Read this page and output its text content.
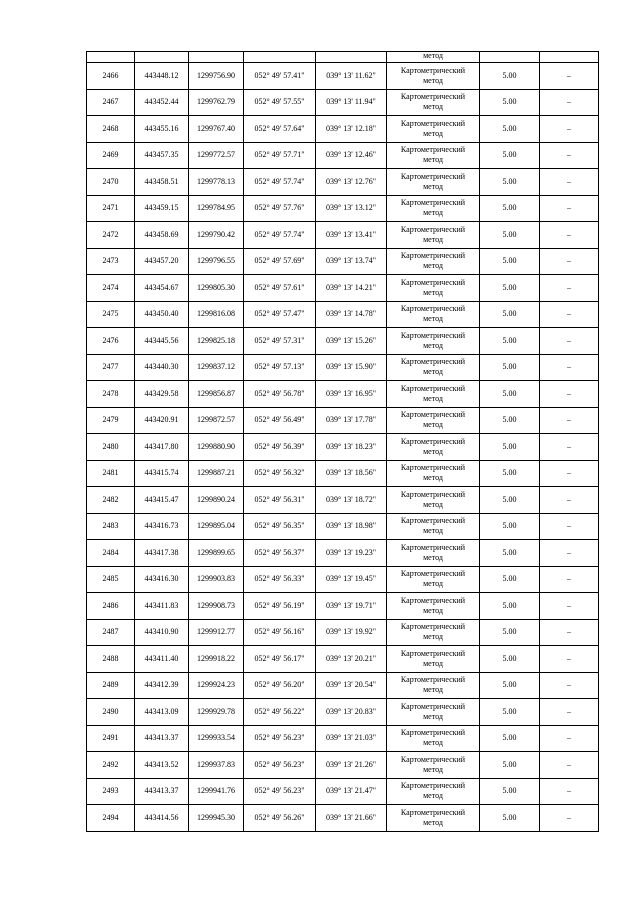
					метод		
2466	443448.12	1299756.90	052° 49' 57.41"	039° 13' 11.62"	Картометрический
метод	5.00	–
2467	443452.44	1299762.79	052° 49' 57.55"	039° 13' 11.94"	Картометрический
метод	5.00	–
2468	443455.16	1299767.40	052° 49' 57.64"	039° 13' 12.18"	Картометрический
метод	5.00	–
2469	443457.35	1299772.57	052° 49' 57.71"	039° 13' 12.46"	Картометрический
метод	5.00	–
2470	443458.51	1299778.13	052° 49' 57.74"	039° 13' 12.76"	Картометрический
метод	5.00	–
2471	443459.15	1299784.95	052° 49' 57.76"	039° 13' 13.12"	Картометрический
метод	5.00	–
2472	443458.69	1299790.42	052° 49' 57.74"	039° 13' 13.41"	Картометрический
метод	5.00	–
2473	443457.20	1299796.55	052° 49' 57.69"	039° 13' 13.74"	Картометрический
метод	5.00	–
2474	443454.67	1299805.30	052° 49' 57.61"	039° 13' 14.21"	Картометрический
метод	5.00	–
2475	443450.40	1299816.08	052° 49' 57.47"	039° 13' 14.78"	Картометрический
метод	5.00	–
2476	443445.56	1299825.18	052° 49' 57.31"	039° 13' 15.26"	Картометрический
метод	5.00	–
2477	443440.30	1299837.12	052° 49' 57.13"	039° 13' 15.90"	Картометрический
метод	5.00	–
2478	443429.58	1299856.87	052° 49' 56.78"	039° 13' 16.95"	Картометрический
метод	5.00	–
2479	443420.91	1299872.57	052° 49' 56.49"	039° 13' 17.78"	Картометрический
метод	5.00	–
2480	443417.80	1299880.90	052° 49' 56.39"	039° 13' 18.23"	Картометрический
метод	5.00	–
2481	443415.74	1299887.21	052° 49' 56.32"	039° 13' 18.56"	Картометрический
метод	5.00	–
2482	443415.47	1299890.24	052° 49' 56.31"	039° 13' 18.72"	Картометрический
метод	5.00	–
2483	443416.73	1299895.04	052° 49' 56.35"	039° 13' 18.98"	Картометрический
метод	5.00	–
2484	443417.38	1299899.65	052° 49' 56.37"	039° 13' 19.23"	Картометрический
метод	5.00	–
2485	443416.30	1299903.83	052° 49' 56.33"	039° 13' 19.45"	Картометрический
метод	5.00	–
2486	443411.83	1299908.73	052° 49' 56.19"	039° 13' 19.71"	Картометрический
метод	5.00	–
2487	443410.90	1299912.77	052° 49' 56.16"	039° 13' 19.92"	Картометрический
метод	5.00	–
2488	443411.40	1299918.22	052° 49' 56.17"	039° 13' 20.21"	Картометрический
метод	5.00	–
2489	443412.39	1299924.23	052° 49' 56.20"	039° 13' 20.54"	Картометрический
метод	5.00	–
2490	443413.09	1299929.78	052° 49' 56.22"	039° 13' 20.83"	Картометрический
метод	5.00	–
2491	443413.37	1299933.54	052° 49' 56.23"	039° 13' 21.03"	Картометрический
метод	5.00	–
2492	443413.52	1299937.83	052° 49' 56.23"	039° 13' 21.26"	Картометрический
метод	5.00	–
2493	443413.37	1299941.76	052° 49' 56.23"	039° 13' 21.47"	Картометрический
метод	5.00	–
2494	443414.56	1299945.30	052° 49' 56.26"	039° 13' 21.66"	Картометрический
метод	5.00	–
